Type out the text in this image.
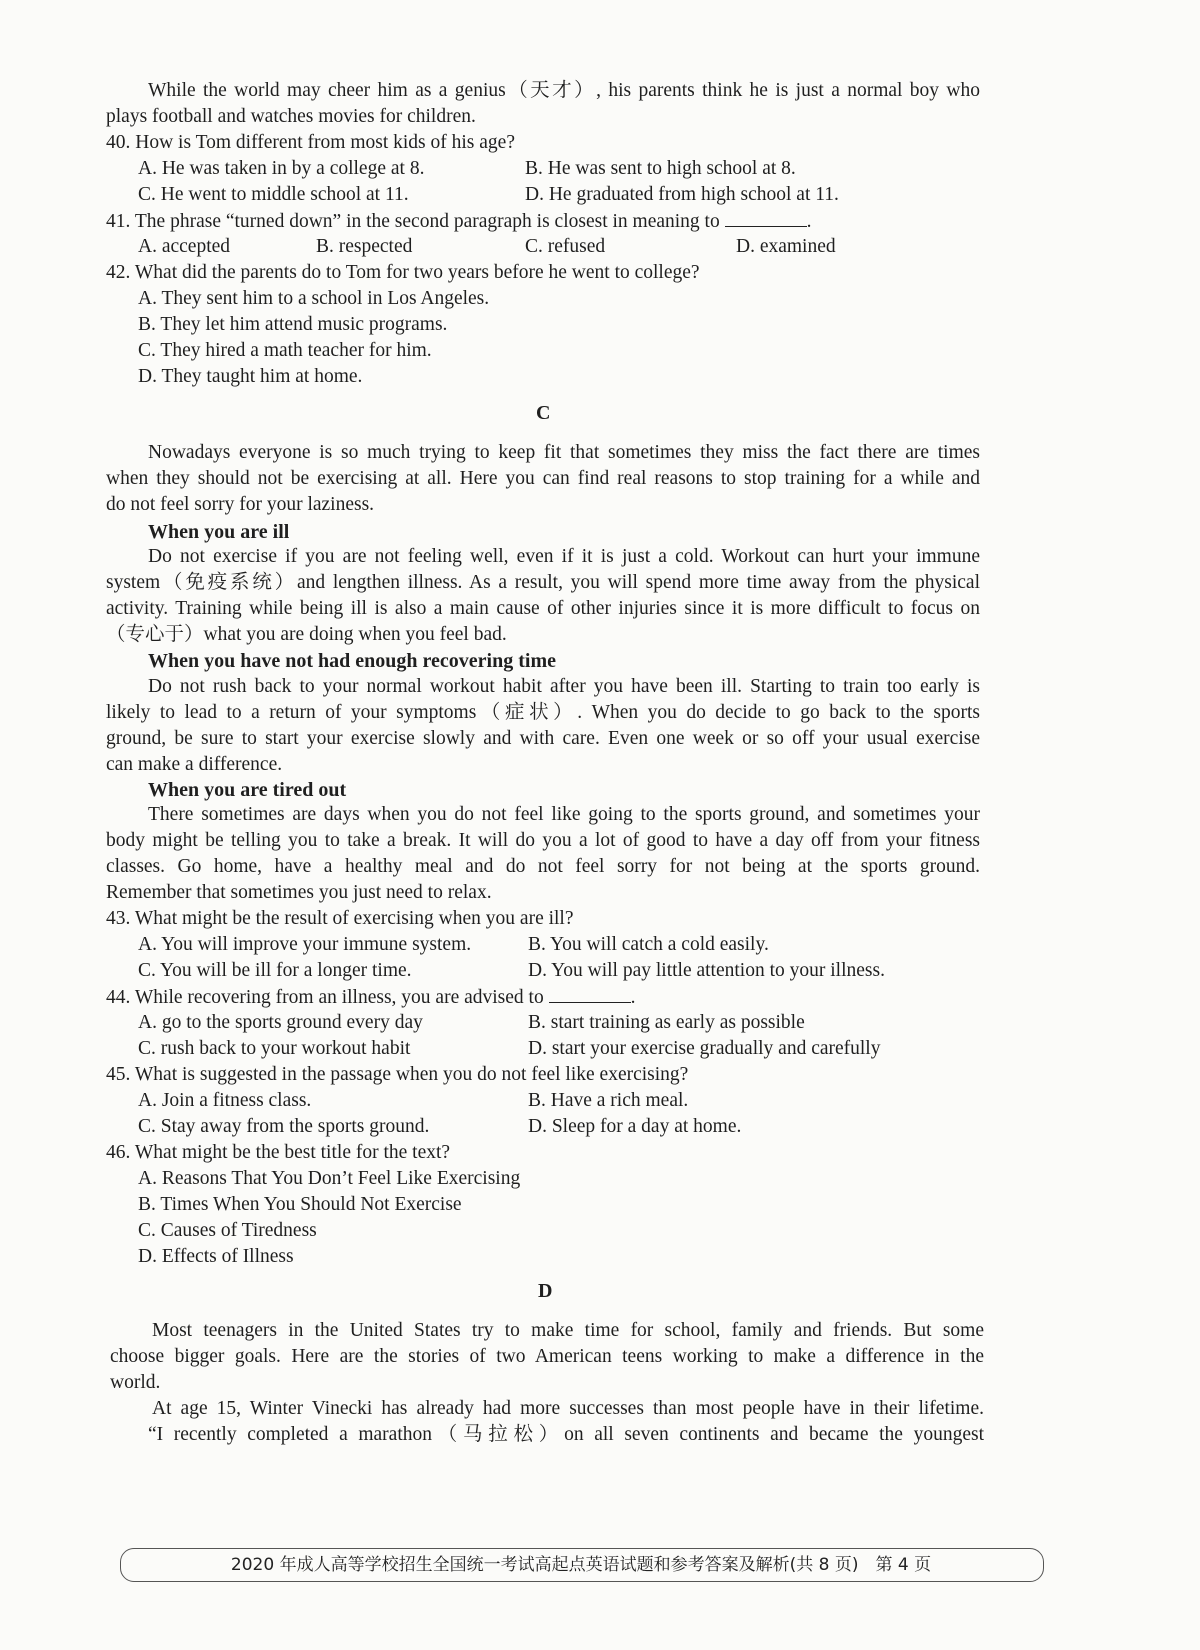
While the world may cheer him as a genius（天才）, his parents think he is just a normal boy who
plays football and watches movies for children.
40. How is Tom different from most kids of his age?
A. He was taken in by a college at 8.	B. He was sent to high school at 8.
C. He went to middle school at 11.	D. He graduated from high school at 11.
41. The phrase “turned down” in the second paragraph is closest in meaning to	.
A. accepted	B. respected	C. refused	D. examined
42. What did the parents do to Tom for two years before he went to college?
A. They sent him to a school in Los Angeles.
B. They let him attend music programs.
C. They hired a math teacher for him.
D. They taught him at home.
C
Nowadays everyone is so much trying to keep fit that sometimes they miss the fact there are times
when they should not be exercising at all. Here you can find real reasons to stop training for a while and
do not feel sorry for your laziness.
When you are ill
Do not exercise if you are not feeling well, even if it is just a cold. Workout can hurt your immune
system（免疫系统）and lengthen illness. As a result, you will spend more time away from the physical
activity. Training while being ill is also a main cause of other injuries since it is more difficult to focus on
（专心于）what you are doing when you feel bad.
When you have not had enough recovering time
Do not rush back to your normal workout habit after you have been ill. Starting to train too early is
likely to lead to a return of your symptoms（症状）. When you do decide to go back to the sports
ground, be sure to start your exercise slowly and with care. Even one week or so off your usual exercise
can make a difference.
When you are tired out
There sometimes are days when you do not feel like going to the sports ground, and sometimes your
body might be telling you to take a break. It will do you a lot of good to have a day off from your fitness
classes. Go home, have a healthy meal and do not feel sorry for not being at the sports ground.
Remember that sometimes you just need to relax.
43. What might be the result of exercising when you are ill?
A. You will improve your immune system.	B. You will catch a cold easily.
C. You will be ill for a longer time.	D. You will pay little attention to your illness.
44. While recovering from an illness, you are advised to	.
A. go to the sports ground every day	B. start training as early as possible
C. rush back to your workout habit	D. start your exercise gradually and carefully
45. What is suggested in the passage when you do not feel like exercising?
A. Join a fitness class.	B. Have a rich meal.
C. Stay away from the sports ground.	D. Sleep for a day at home.
46. What might be the best title for the text?
A. Reasons That You Don’t Feel Like Exercising
B. Times When You Should Not Exercise
C. Causes of Tiredness
D. Effects of Illness
D
Most teenagers in the United States try to make time for school, family and friends. But some
choose bigger goals. Here are the stories of two American teens working to make a difference in the
world.
At age 15, Winter Vinecki has already had more successes than most people have in their lifetime.
“I recently completed a marathon（马拉松）on all seven continents and became the youngest
2020 年成人高等学校招生全国统一考试高起点英语试题和参考答案及解析(共 8 页)　第 4 页
